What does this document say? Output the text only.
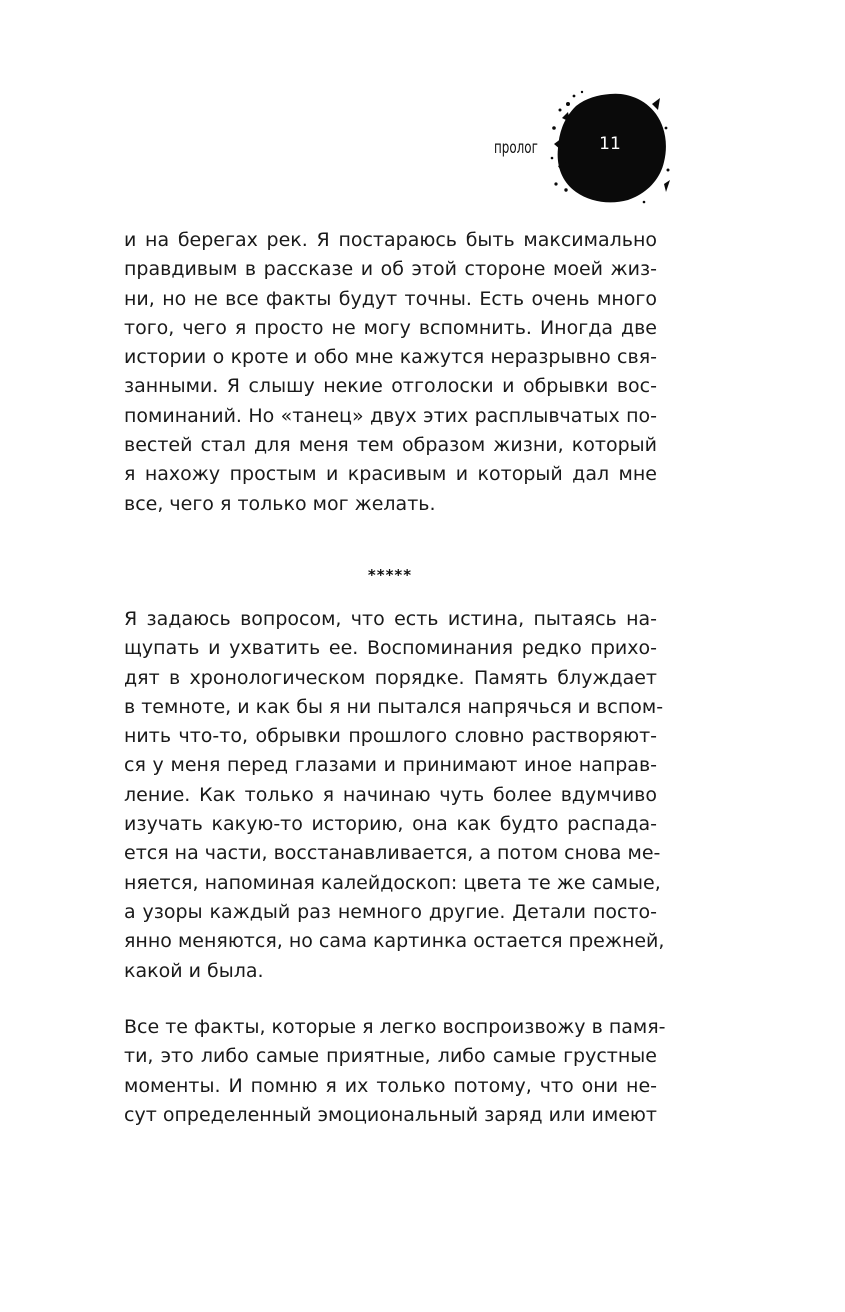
пролог	11
и на берегах рек. Я постараюсь быть максимально
правдивым в рассказе и об этой стороне моей жиз-
ни, но не все факты будут точны. Есть очень много
того, чего я просто не могу вспомнить. Иногда две
истории о кроте и обо мне кажутся неразрывно свя-
занными. Я слышу некие отголоски и обрывки вос-
поминаний. Но «танец» двух этих расплывчатых по-
вестей стал для меня тем образом жизни, который
я нахожу простым и красивым и который дал мне
все, чего я только мог желать.
*****
Я задаюсь вопросом, что есть истина, пытаясь на-
щупать и ухватить ее. Воспоминания редко прихо-
дят в хронологическом порядке. Память блуждает
в темноте, и как бы я ни пытался напрячься и вспом-
нить что-то, обрывки прошлого словно растворяют-
ся у меня перед глазами и принимают иное направ-
ление. Как только я начинаю чуть более вдумчиво
изучать какую-то историю, она как будто распада-
ется на части, восстанавливается, а потом снова ме-
няется, напоминая калейдоскоп: цвета те же самые,
а узоры каждый раз немного другие. Детали посто-
янно меняются, но сама картинка остается прежней,
какой и была.
Все те факты, которые я легко воспроизвожу в памя-
ти, это либо самые приятные, либо самые грустные
моменты. И помню я их только потому, что они не-
сут определенный эмоциональный заряд или имеют
